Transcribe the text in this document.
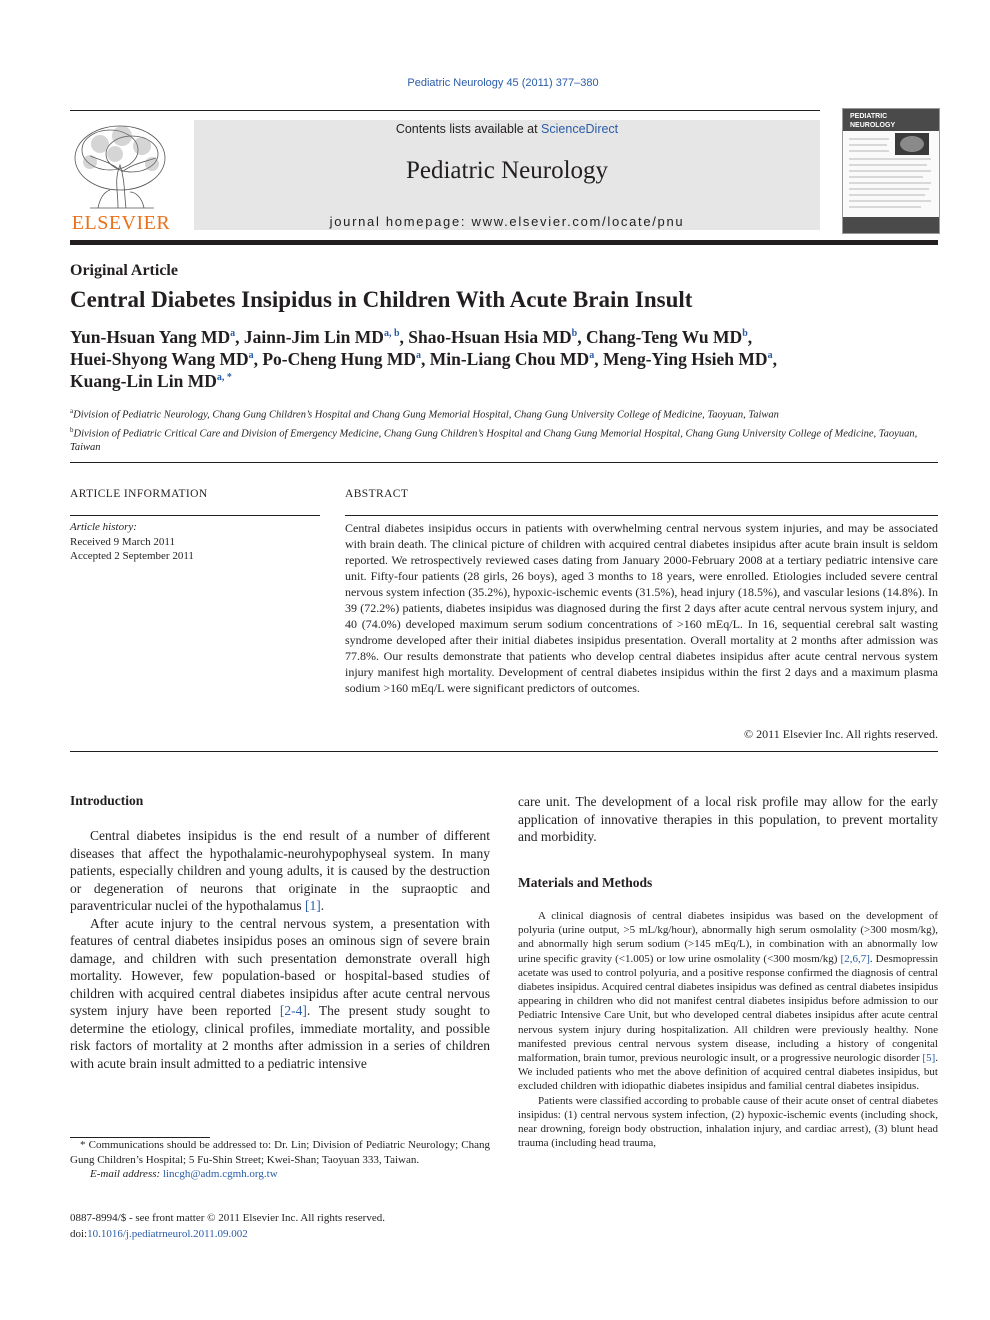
Pediatric Neurology 45 (2011) 377–380
ELSEVIER
Contents lists available at ScienceDirect
Pediatric Neurology
journal homepage: www.elsevier.com/locate/pnu
PEDIATRIC
NEUROLOGY
Original Article
Central Diabetes Insipidus in Children With Acute Brain Insult
Yun-Hsuan Yang $MD^a$, Jainn-Jim Lin MD$^{a, b}$, Shao-Hsuan Hsia $MD^b$, Chang-Teng Wu $MD^b$,
Huei-Shyong Wang $MD^a$, Po-Cheng Hung $MD^a$, Min-Liang Chou $MD^a$, Meng-Ying Hsieh $MD^a$,
Kuang-Lin Lin $MD^{a, *}$
$^a$Division of Pediatric Neurology, Chang Gung Children’s Hospital and Chang Gung Memorial Hospital, Chang Gung University College of Medicine, Taoyuan, Taiwan
$^b$Division of Pediatric Critical Care and Division of Emergency Medicine, Chang Gung Children’s Hospital and Chang Gung Memorial Hospital, Chang Gung University College of Medicine, Taoyuan, Taiwan
ARTICLE INFORMATION	ABSTRACT
Article history:
Received 9 March 2011
Accepted 2 September 2011
Central diabetes insipidus occurs in patients with overwhelming central nervous system injuries, and may be associated with brain death. The clinical picture of children with acquired central diabetes insipidus after acute brain insult is seldom reported. We retrospectively reviewed cases dating from January 2000-February 2008 at a tertiary pediatric intensive care unit. Fifty-four patients (28 girls, 26 boys), aged 3 months to 18 years, were enrolled. Etiologies included severe central nervous system infection (35.2%), hypoxic-ischemic events (31.5%), head injury (18.5%), and vascular lesions (14.8%). In 39 (72.2%) patients, diabetes insipidus was diagnosed during the first 2 days after acute central nervous system injury, and 40 (74.0%) developed maximum serum sodium concentrations of >160 mEq/L. In 16, sequential cerebral salt wasting syndrome developed after their initial diabetes insipidus presentation. Overall mortality at 2 months after admission was 77.8%. Our results demonstrate that patients who develop central diabetes insipidus after acute central nervous system injury manifest high mortality. Development of central diabetes insipidus within the first 2 days and a maximum plasma sodium >160 mEq/L were significant predictors of outcomes.
© 2011 Elsevier Inc. All rights reserved.
Introduction

Central diabetes insipidus is the end result of a number of different diseases that affect the hypothalamic-neurohypophyseal system. In many patients, especially children and young adults, it is caused by the destruction or degeneration of neurons that originate in the supraoptic and paraventricular nuclei of the hypothalamus [1].

After acute injury to the central nervous system, a presentation with features of central diabetes insipidus poses an ominous sign of severe brain damage, and children with such presentation demonstrate overall high mortality. However, few population-based or hospital-based studies of children with acquired central diabetes insipidus after acute central nervous system injury have been reported [2-4]. The present study sought to determine the etiology, clinical profiles, immediate mortality, and possible risk factors of mortality at 2 months after admission in a series of children with acute brain insult admitted to a pediatric intensive

* Communications should be addressed to: Dr. Lin; Division of Pediatric Neurology; Chang Gung Children’s Hospital; 5 Fu-Shin Street; Kwei-Shan; Taoyuan 333, Taiwan.
E-mail address: lincgh@adm.cgmh.org.tw
0887-8994/$ - see front matter © 2011 Elsevier Inc. All rights reserved.
doi:10.1016/j.pediatrneurol.2011.09.002
care unit. The development of a local risk profile may allow for the early application of innovative therapies in this population, to prevent mortality and morbidity.
Materials and Methods

A clinical diagnosis of central diabetes insipidus was based on the development of polyuria (urine output, >5 mL/kg/hour), abnormally high serum osmolality (>300 mosm/kg), and abnormally high serum sodium (>145 mEq/L), in combination with an abnormally low urine specific gravity (<1.005) or low urine osmolality (<300 mosm/kg) [2,6,7]. Desmopressin acetate was used to control polyuria, and a positive response confirmed the diagnosis of central diabetes insipidus. Acquired central diabetes insipidus was defined as central diabetes insipidus appearing in children who did not manifest central diabetes insipidus before admission to our Pediatric Intensive Care Unit, but who developed central diabetes insipidus after acute central nervous system injury during hospitalization. All children were previously healthy. None manifested previous central nervous system disease, including a history of congenital malformation, brain tumor, previous neurologic insult, or a progressive neurologic disorder [5]. We included patients who met the above definition of acquired central diabetes insipidus, but excluded children with idiopathic diabetes insipidus and familial central diabetes insipidus.

Patients were classified according to probable cause of their acute onset of central diabetes insipidus: (1) central nervous system infection, (2) hypoxic-ischemic events (including shock, near drowning, foreign body obstruction, inhalation injury, and cardiac arrest), (3) blunt head trauma (including head trauma,
